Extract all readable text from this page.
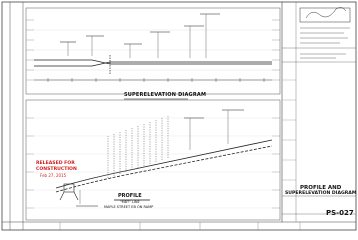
RELEASED FOR
CONSTRUCTION
Feb 27, 2015
SUPERELEVATION DIAGRAM
PROFILE
"MBT" LINE
MAPLE STREET EB ON RAMP
PROFILE AND
SUPERELEVATION DIAGRAM
PS-027
